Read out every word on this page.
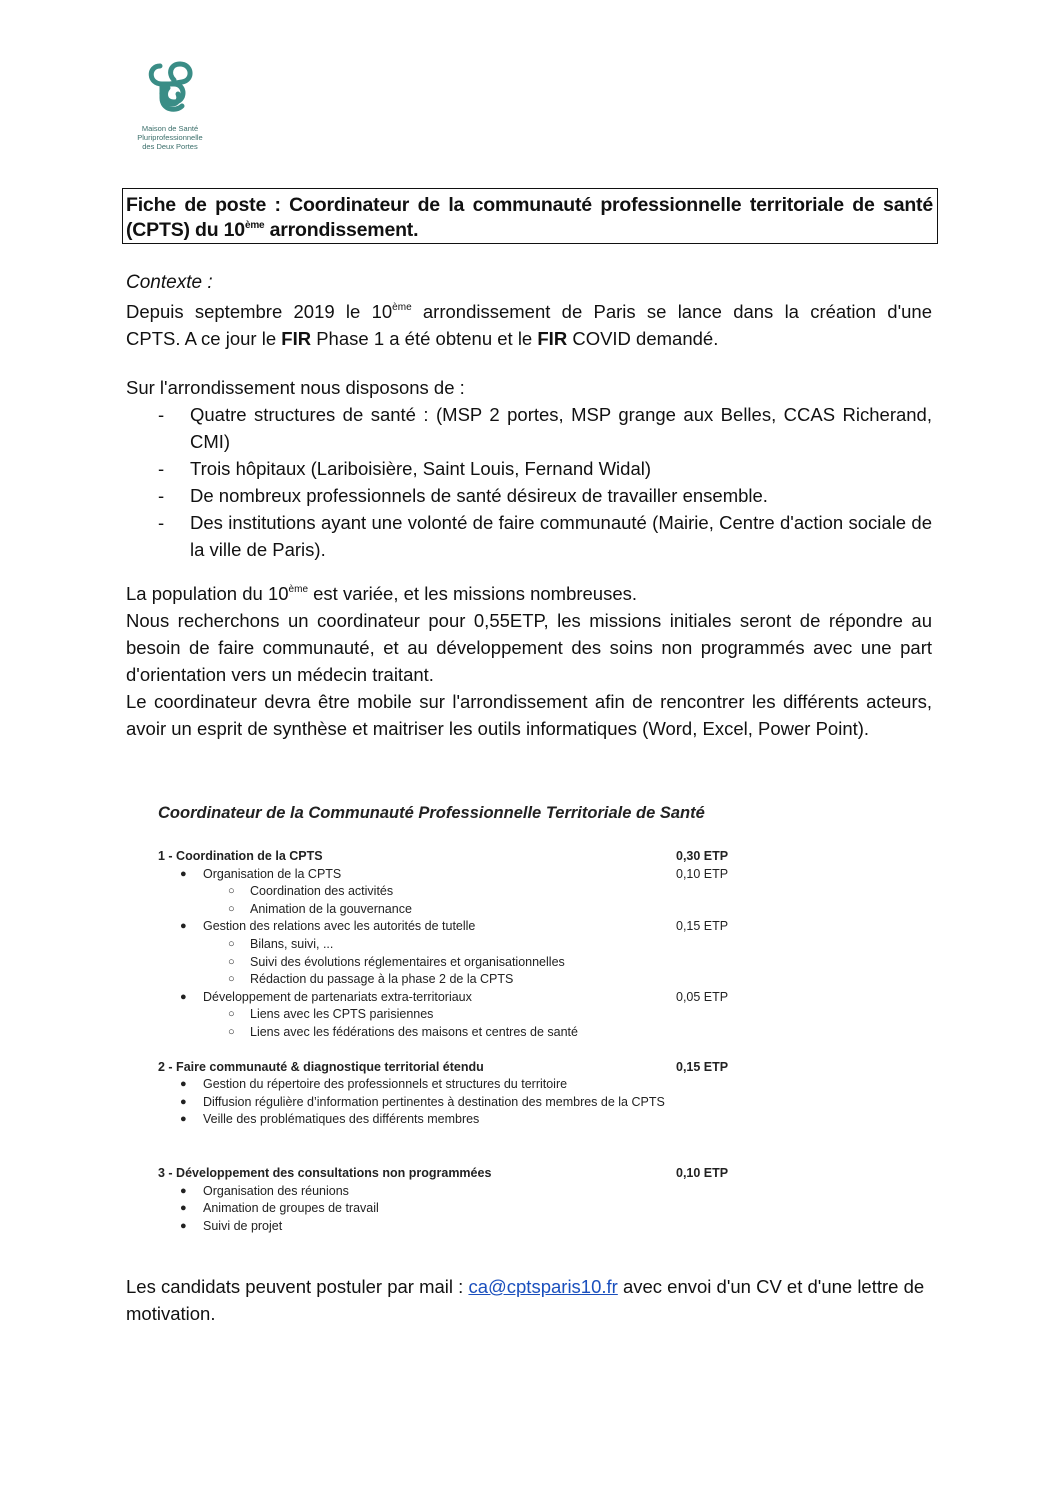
Maison de Santé
Pluriprofessionnelle
des Deux Portes
Fiche de poste : Coordinateur de la communauté professionnelle territoriale de santé (CPTS) du 10ème arrondissement.
Contexte :
Depuis septembre 2019 le 10ème arrondissement de Paris se lance dans la création d'une
CPTS. A ce jour le FIR Phase 1 a été obtenu et le FIR COVID demandé.
Sur l'arrondissement nous disposons de :
- Quatre structures de santé : (MSP 2 portes, MSP grange aux Belles, CCAS Richerand, CMI)
- Trois hôpitaux (Lariboisière, Saint Louis, Fernand Widal)
- De nombreux professionnels de santé désireux de travailler ensemble.
- Des institutions ayant une volonté de faire communauté (Mairie, Centre d'action sociale de la ville de Paris).
La population du 10ème est variée, et les missions nombreuses.
Nous recherchons un coordinateur pour 0,55ETP, les missions initiales seront de répondre au besoin de faire communauté, et au développement des soins non programmés avec une part d'orientation vers un médecin traitant.
Le coordinateur devra être mobile sur l'arrondissement afin de rencontrer les différents acteurs, avoir un esprit de synthèse et maitriser les outils informatiques (Word, Excel, Power Point).
Coordinateur de la Communauté Professionnelle Territoriale de Santé
1 - Coordination de la CPTS	0,30 ETP
● Organisation de la CPTS	0,10 ETP
○ Coordination des activités
○ Animation de la gouvernance
● Gestion des relations avec les autorités de tutelle	0,15 ETP
○ Bilans, suivi, ...
○ Suivi des évolutions réglementaires et organisationnelles
○ Rédaction du passage à la phase 2 de la CPTS
● Développement de partenariats extra-territoriaux	0,05 ETP
○ Liens avec les CPTS parisiennes
○ Liens avec les fédérations des maisons et centres de santé
2 - Faire communauté & diagnostique territorial étendu	0,15 ETP
● Gestion du répertoire des professionnels et structures du territoire
● Diffusion régulière d’information pertinentes à destination des membres de la CPTS
● Veille des problématiques des différents membres
3 - Développement des consultations non programmées	0,10 ETP
● Organisation des réunions
● Animation de groupes de travail
● Suivi de projet
Les candidats peuvent postuler par mail : ca@cptsparis10.fr avec envoi d'un CV et d'une lettre de motivation.
